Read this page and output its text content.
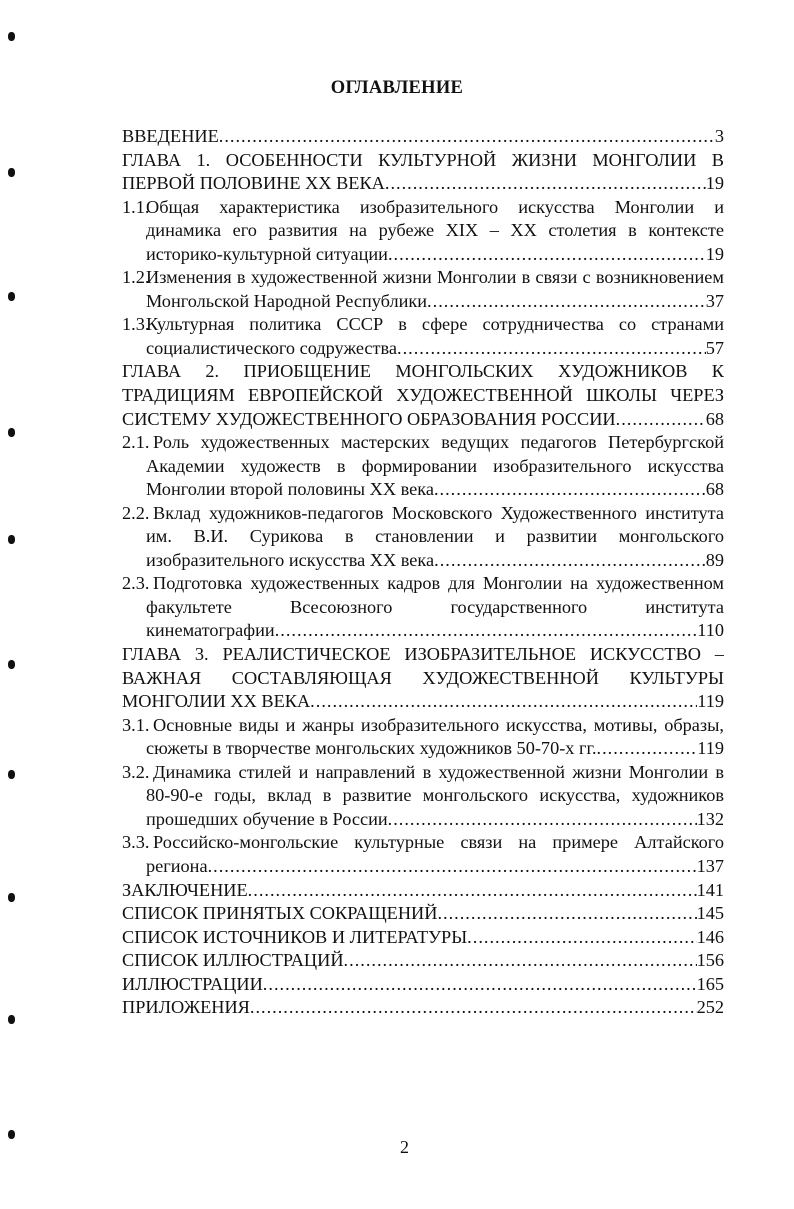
ОГЛАВЛЕНИЕ
ВВЕДЕНИЕ .....	3
ГЛАВА 1. ОСОБЕННОСТИ КУЛЬТУРНОЙ ЖИЗНИ МОНГОЛИИ В
ПЕРВОЙ ПОЛОВИНЕ XX ВЕКА .....	19
1.1.Общая характеристика изобразительного искусства Монголии и
динамика его развития на рубеже XIX – XX столетия в контексте
историко-культурной ситуации .....	19
1.2.Изменения в художественной жизни Монголии в связи с возникновением
Монгольской Народной Республики .....	37
1.3.Культурная политика СССР в сфере сотрудничества со странами
социалистического содружества .....	57
ГЛАВА 2. ПРИОБЩЕНИЕ МОНГОЛЬСКИХ ХУДОЖНИКОВ К
ТРАДИЦИЯМ ЕВРОПЕЙСКОЙ ХУДОЖЕСТВЕННОЙ ШКОЛЫ ЧЕРЕЗ
СИСТЕМУ ХУДОЖЕСТВЕННОГО ОБРАЗОВАНИЯ РОССИИ .....	68
2.1. Роль художественных мастерских ведущих педагогов Петербургской
Академии художеств в формировании изобразительного искусства
Монголии второй половины XX века .....	68
2.2. Вклад художников-педагогов Московского Художественного института
им. В.И. Сурикова в становлении и развитии монгольского
изобразительного искусства XX века .....	89
2.3. Подготовка художественных кадров для Монголии на художественном
факультете Всесоюзного государственного института
кинематографии .....	110
ГЛАВА 3. РЕАЛИСТИЧЕСКОЕ ИЗОБРАЗИТЕЛЬНОЕ ИСКУССТВО –
ВАЖНАЯ СОСТАВЛЯЮЩАЯ ХУДОЖЕСТВЕННОЙ КУЛЬТУРЫ
МОНГОЛИИ XX ВЕКА .....	119
3.1. Основные виды и жанры изобразительного искусства, мотивы, образы,
сюжеты в творчестве монгольских художников 50-70-х гг. .....	119
3.2. Динамика стилей и направлений в художественной жизни Монголии в
80-90-е годы, вклад в развитие монгольского искусства, художников
прошедших обучение в России .....	132
3.3. Российско-монгольские культурные связи на примере Алтайского
региона .....	137
ЗАКЛЮЧЕНИЕ .....	141
СПИСОК ПРИНЯТЫХ СОКРАЩЕНИЙ .....	145
СПИСОК ИСТОЧНИКОВ И ЛИТЕРАТУРЫ .....	146
СПИСОК ИЛЛЮСТРАЦИЙ .....	156
ИЛЛЮСТРАЦИИ .....	165
ПРИЛОЖЕНИЯ .....	252
2
